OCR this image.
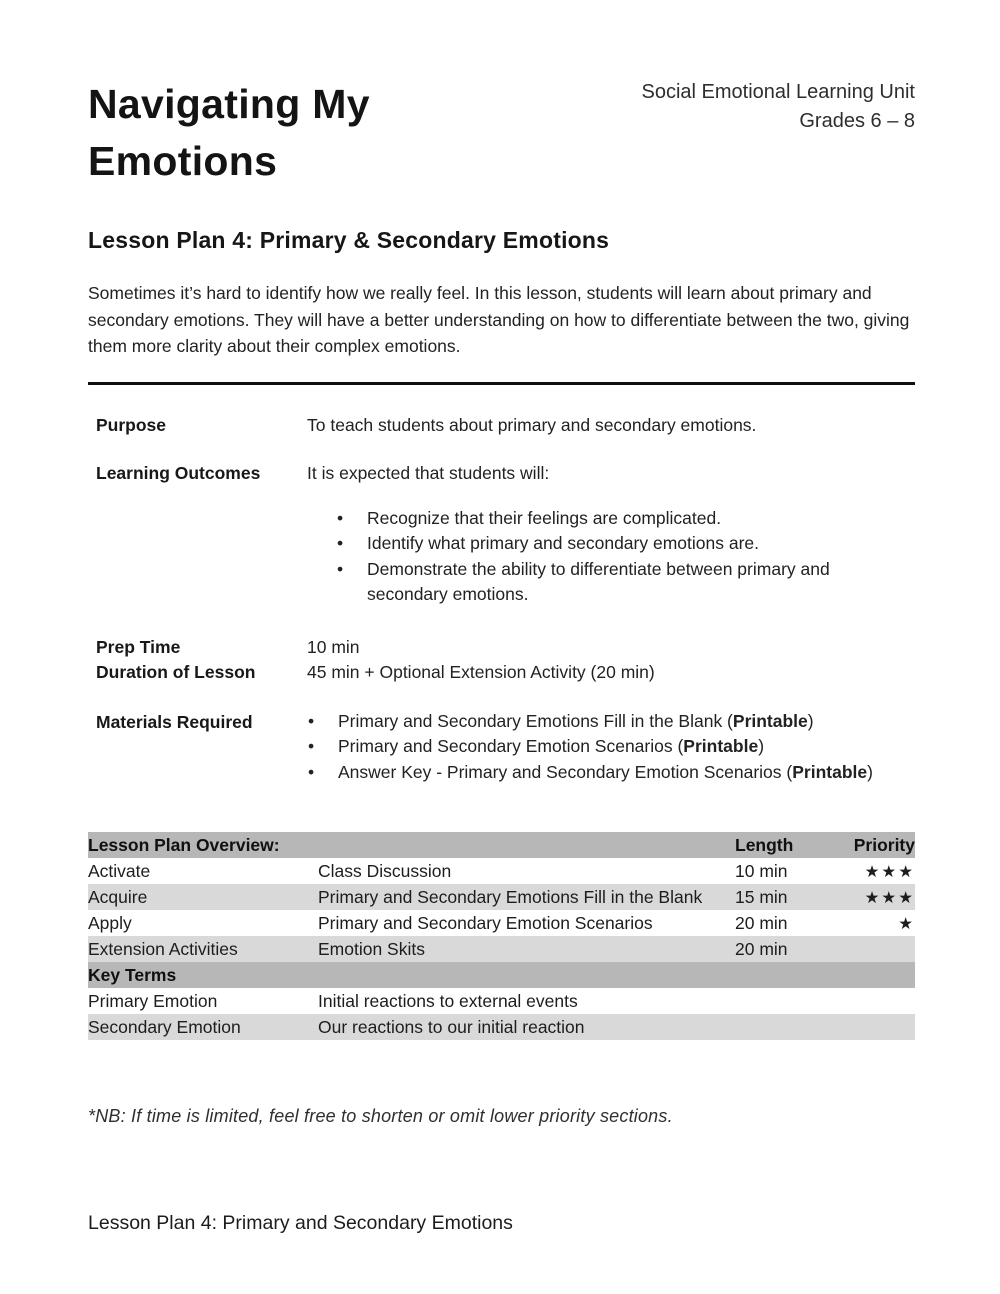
Navigating My
Emotions
Social Emotional Learning Unit
Grades 6 – 8
Lesson Plan 4: Primary & Secondary Emotions

Sometimes it’s hard to identify how we really feel. In this lesson, students will learn about primary and secondary emotions. They will have a better understanding on how to differentiate between the two, giving them more clarity about their complex emotions.

Purpose	To teach students about primary and secondary emotions.
Learning Outcomes	It is expected that students will:
• Recognize that their feelings are complicated.
• Identify what primary and secondary emotions are.
• Demonstrate the ability to differentiate between primary and secondary emotions.
Prep Time	10 min
Duration of Lesson	45 min + Optional Extension Activity (20 min)
Materials Required	• Primary and Secondary Emotions Fill in the Blank (Printable)
• Primary and Secondary Emotion Scenarios (Printable)
• Answer Key - Primary and Secondary Emotion Scenarios (Printable)
Lesson Plan Overview:		Length	Priority
Activate	Class Discussion	10 min	★★★
Acquire	Primary and Secondary Emotions Fill in the Blank	15 min	★★★
Apply	Primary and Secondary Emotion Scenarios	20 min	★
Extension Activities	Emotion Skits	20 min	
Key Terms			
Primary Emotion	Initial reactions to external events		
Secondary Emotion	Our reactions to our initial reaction		

*NB: If time is limited, feel free to shorten or omit lower priority sections.

Lesson Plan 4: Primary and Secondary Emotions
